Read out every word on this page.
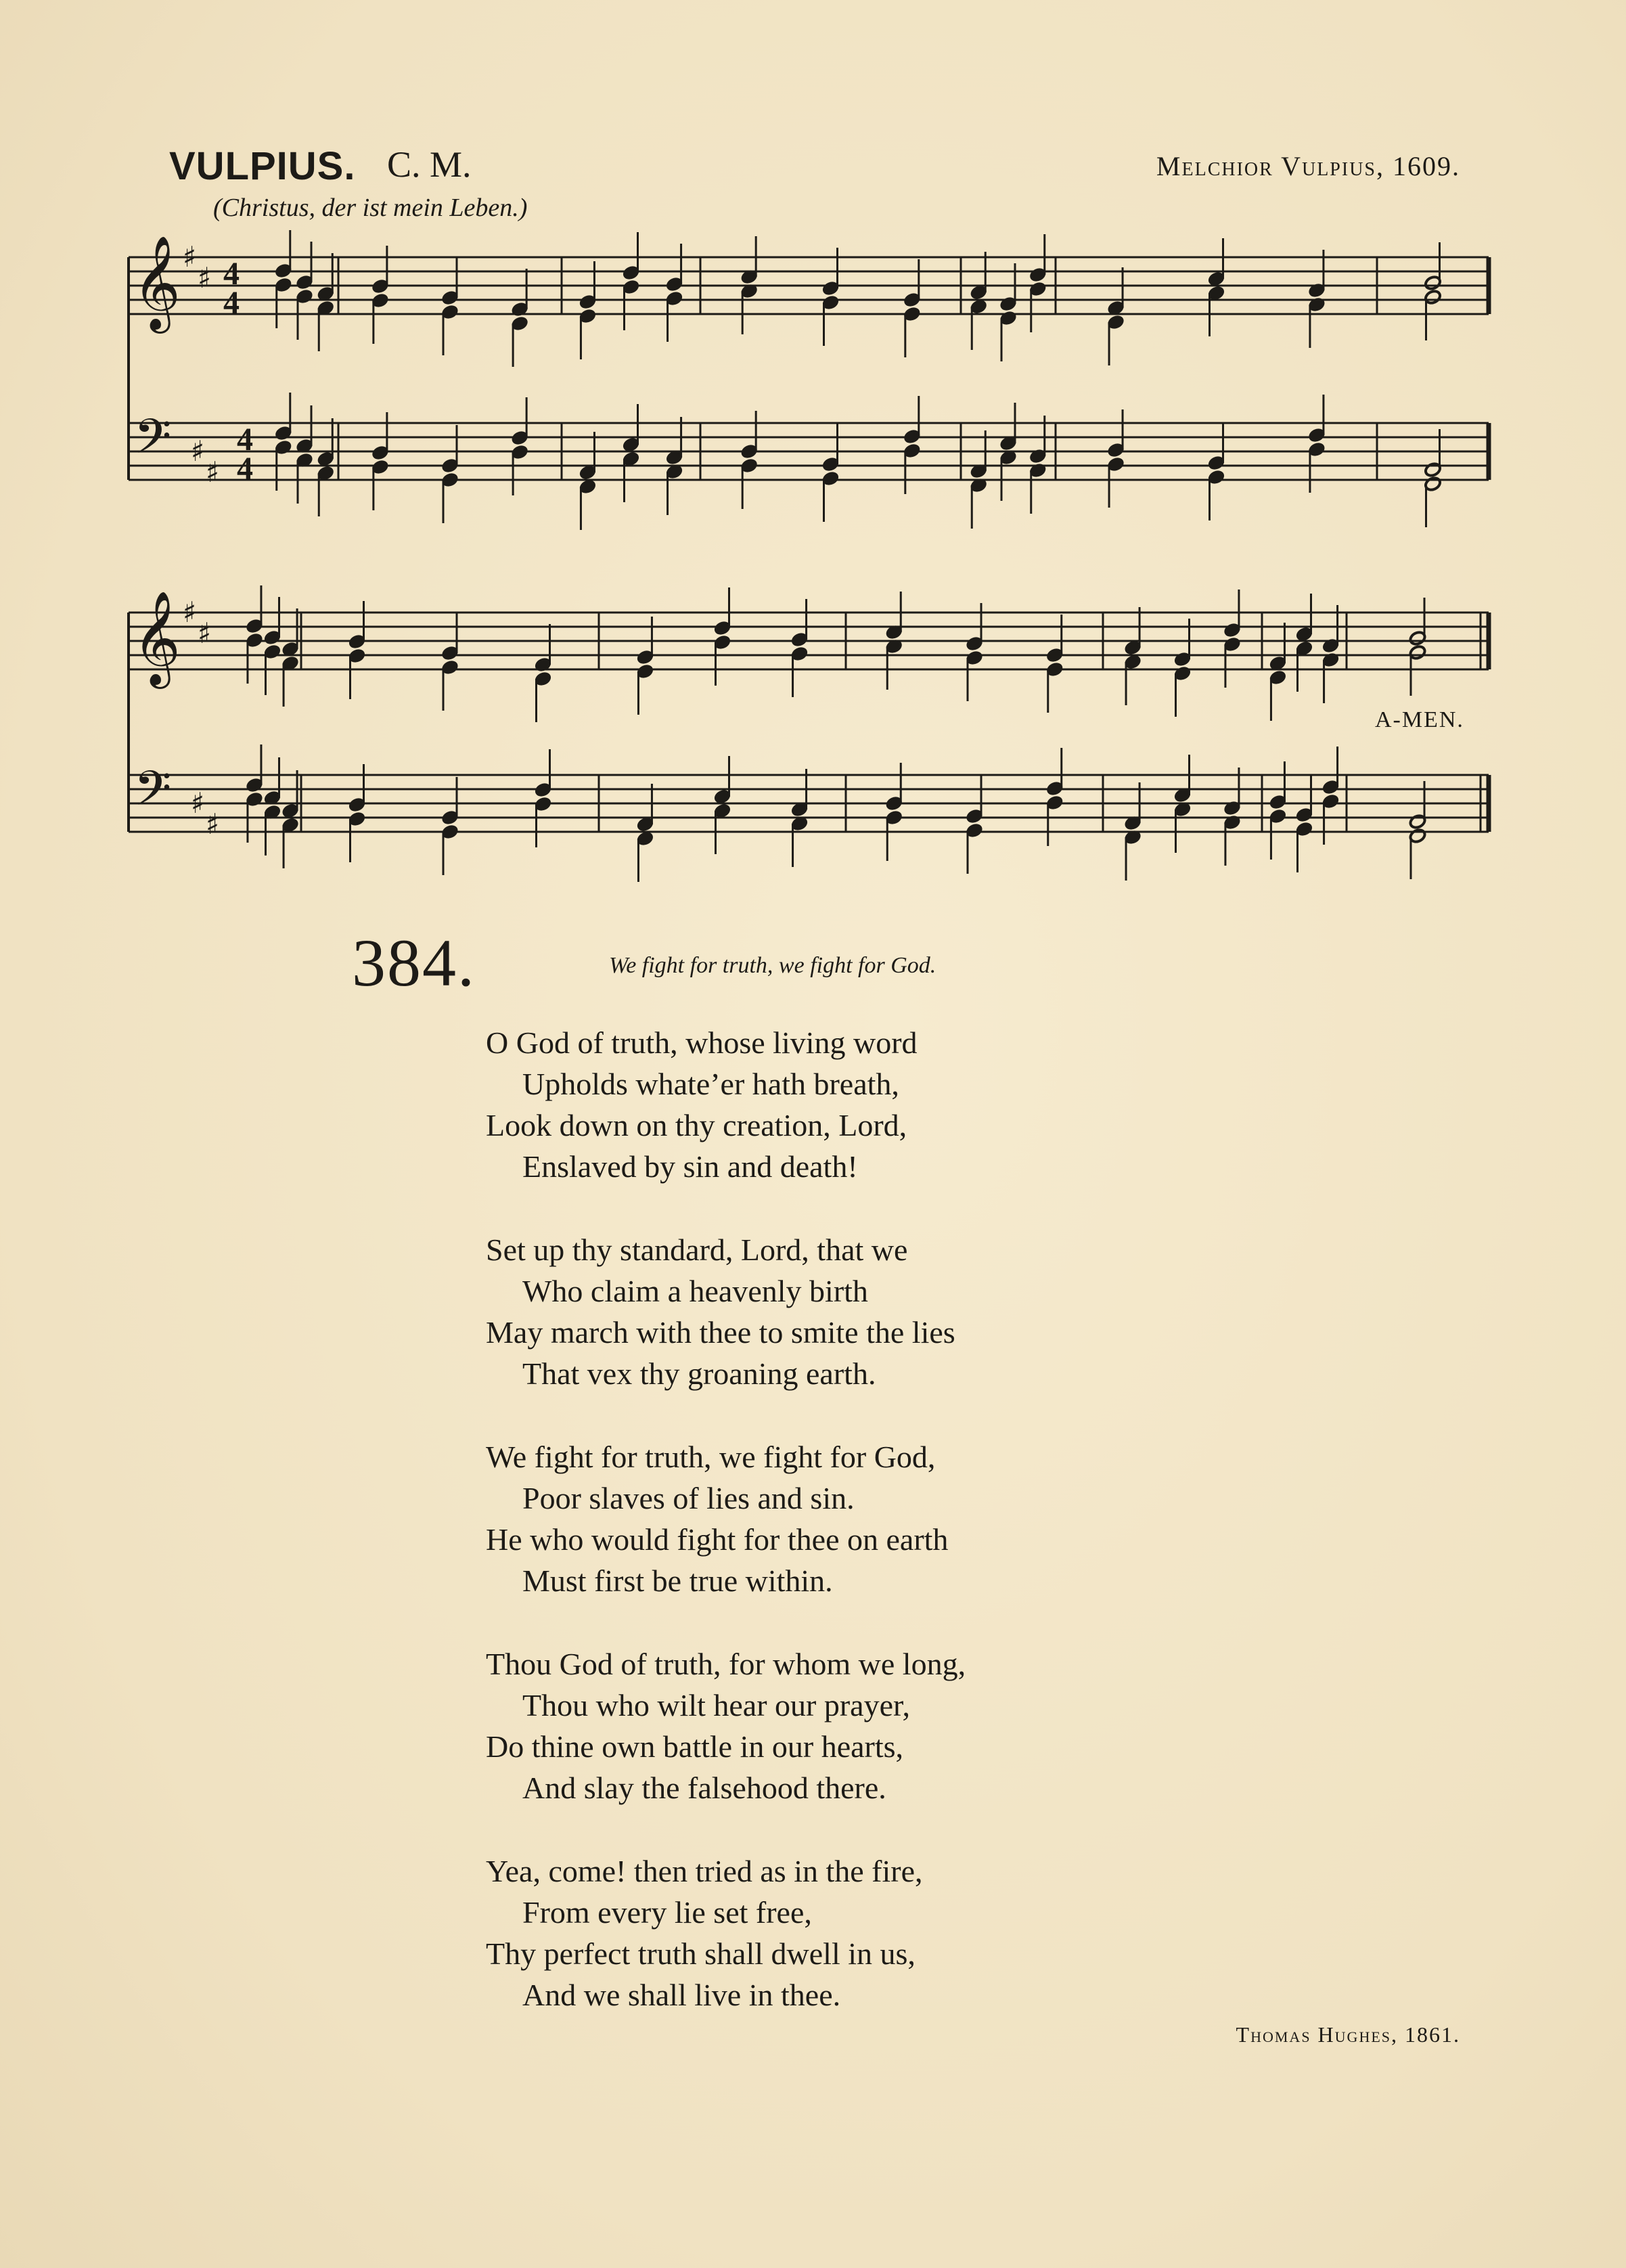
VULPIUS. C. M.
(Christus, der ist mein Leben.)
Melchior Vulpius, 1609.
𝄞
𝄢
♯
♯
♯
♯
4
4
4
4
𝄞
𝄢
♯
♯
♯
♯
A-MEN.
384.	We fight for truth, we fight for God.
O God of truth, whose living word
Upholds whate’er hath breath,
Look down on thy creation, Lord,
Enslaved by sin and death!
Set up thy standard, Lord, that we
Who claim a heavenly birth
May march with thee to smite the lies
That vex thy groaning earth.
We fight for truth, we fight for God,
Poor slaves of lies and sin.
He who would fight for thee on earth
Must first be true within.
Thou God of truth, for whom we long,
Thou who wilt hear our prayer,
Do thine own battle in our hearts,
And slay the falsehood there.
Yea, come! then tried as in the fire,
From every lie set free,
Thy perfect truth shall dwell in us,
And we shall live in thee.
Thomas Hughes, 1861.
